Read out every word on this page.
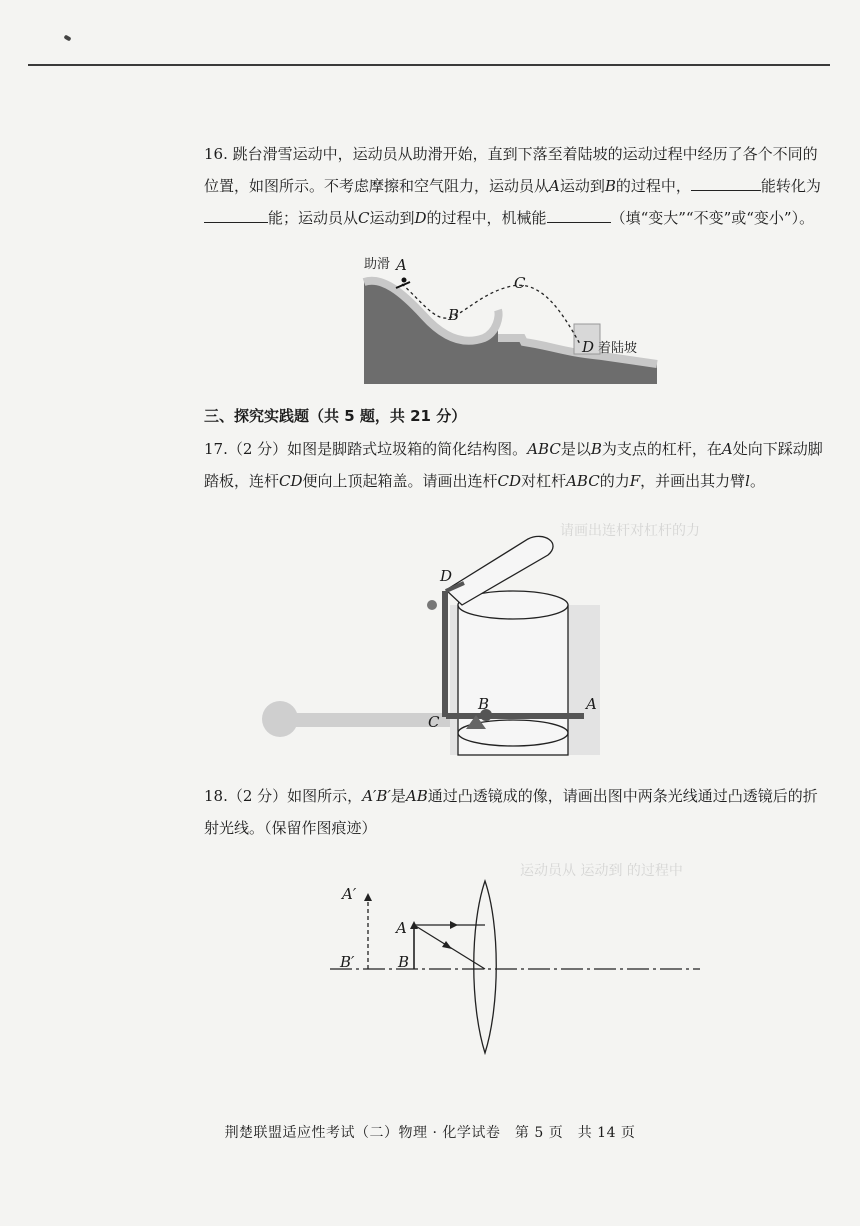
请画出连杆对杠杆的力
运动员从 运动到 的过程中

16. 跳台滑雪运动中，运动员从助滑开始，直到下落至着陆坡的运动过程中经历了各个不同的位置，如图所示。不考虑摩擦和空气阻力，运动员从A运动到B的过程中，	能转化为能；运动员从C运动到D的过程中，机械能	（填“变大”“不变”或“变小”）。

助滑 A
B
C
D 着陆坡
三、探究实践题（共 5 题，共 21 分）

17.（2 分）如图是脚踏式垃圾箱的简化结构图。ABC是以B为支点的杠杆，在A处向下踩动脚踏板，连杆CD便向上顶起箱盖。请画出连杆CD对杠杆ABC的力F，并画出其力臂l。

D
C
B	A

18.（2 分）如图所示，A′B′是AB通过凸透镜成的像，请画出图中两条光线通过凸透镜后的折射光线。（保留作图痕迹）

A′
A
B′	B
荆楚联盟适应性考试（二）物理 · 化学试卷　第 5 页　共 14 页
